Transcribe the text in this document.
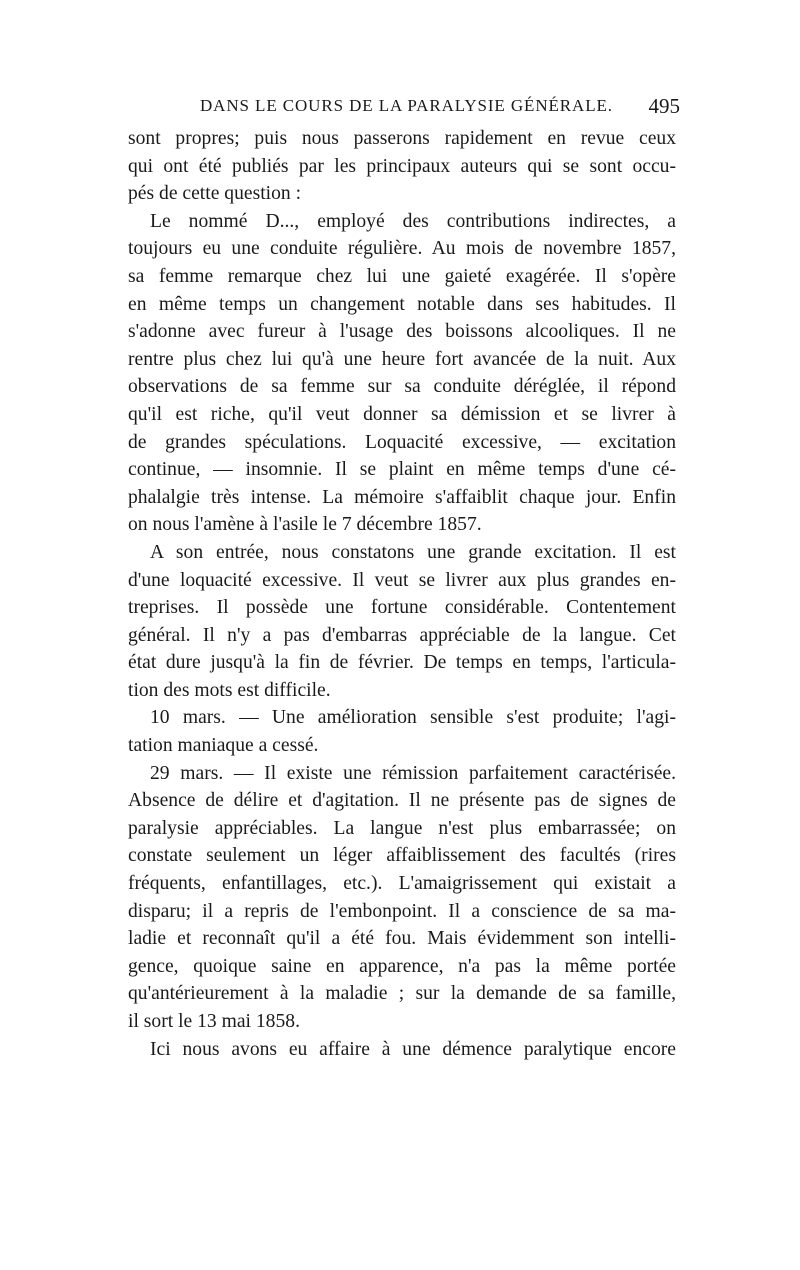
DANS LE COURS DE LA PARALYSIE GÉNÉRALE. 495
sont propres; puis nous passerons rapidement en revue ceux
qui ont été publiés par les principaux auteurs qui se sont occu-
pés de cette question :
Le nommé D..., employé des contributions indirectes, a
toujours eu une conduite régulière. Au mois de novembre 1857,
sa femme remarque chez lui une gaieté exagérée. Il s'opère
en même temps un changement notable dans ses habitudes. Il
s'adonne avec fureur à l'usage des boissons alcooliques. Il ne
rentre plus chez lui qu'à une heure fort avancée de la nuit. Aux
observations de sa femme sur sa conduite déréglée, il répond
qu'il est riche, qu'il veut donner sa démission et se livrer à
de grandes spéculations. Loquacité excessive, — excitation
continue, — insomnie. Il se plaint en même temps d'une cé-
phalalgie très intense. La mémoire s'affaiblit chaque jour. Enfin
on nous l'amène à l'asile le 7 décembre 1857.
A son entrée, nous constatons une grande excitation. Il est
d'une loquacité excessive. Il veut se livrer aux plus grandes en-
treprises. Il possède une fortune considérable. Contentement
général. Il n'y a pas d'embarras appréciable de la langue. Cet
état dure jusqu'à la fin de février. De temps en temps, l'articula-
tion des mots est difficile.
10 mars. — Une amélioration sensible s'est produite; l'agi-
tation maniaque a cessé.
29 mars. — Il existe une rémission parfaitement caractérisée.
Absence de délire et d'agitation. Il ne présente pas de signes de
paralysie appréciables. La langue n'est plus embarrassée; on
constate seulement un léger affaiblissement des facultés (rires
fréquents, enfantillages, etc.). L'amaigrissement qui existait a
disparu; il a repris de l'embonpoint. Il a conscience de sa ma-
ladie et reconnaît qu'il a été fou. Mais évidemment son intelli-
gence, quoique saine en apparence, n'a pas la même portée
qu'antérieurement à la maladie ; sur la demande de sa famille,
il sort le 13 mai 1858.
Ici nous avons eu affaire à une démence paralytique encore
